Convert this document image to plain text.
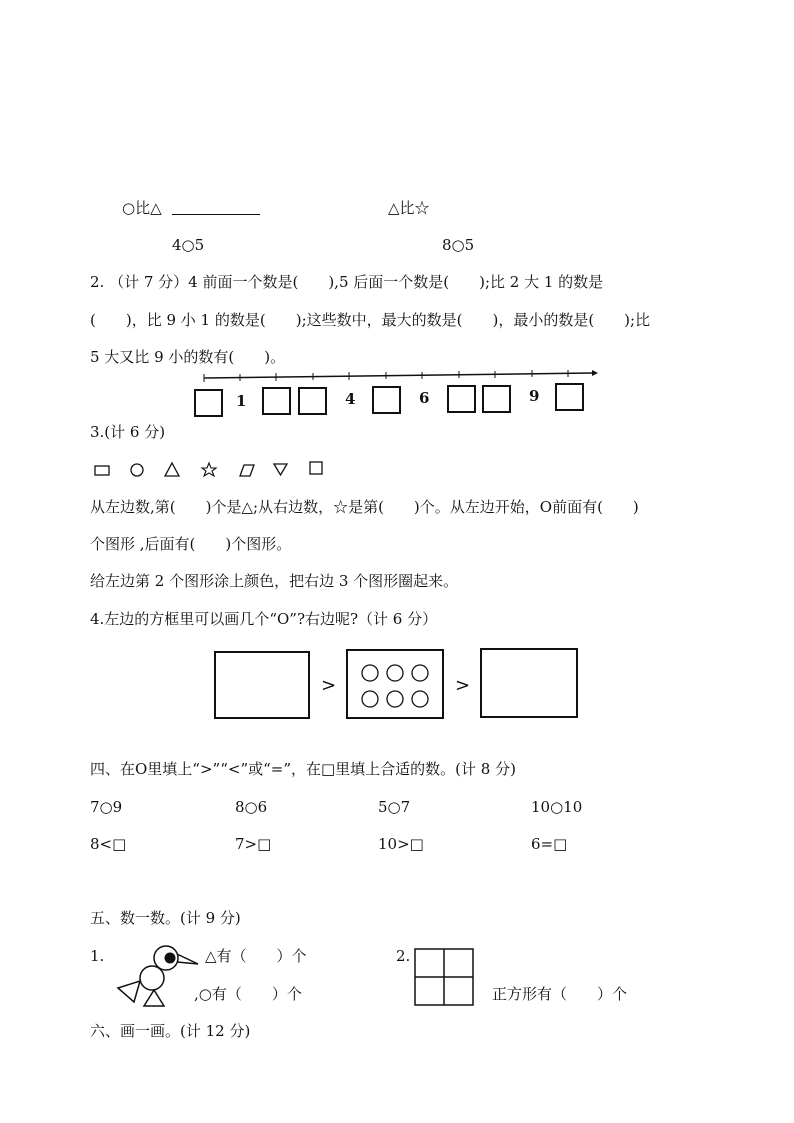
○比△	△比☆
4○5	8○5
2. （计 7 分）4 前面一个数是(　　),5 后面一个数是(　　);比 2 大 1 的数是
(　　)，比 9 小 1 的数是(　　);这些数中，最大的数是(　　)，最小的数是(　　);比
5 大又比 9 小的数有(　　)。
1	4	6	9
3.(计 6 分)
从左边数,第(　　)个是△;从右边数，☆是第(　　)个。从左边开始，O前面有(　　)
个图形 ,后面有(　　)个图形。
给左边第 2 个图形涂上颜色，把右边 3 个图形圈起来。
4.左边的方框里可以画几个“O”?右边呢?（计 6 分）
>	>
四、在O里填上“>”“<”或“=”，在□里填上合适的数。(计 8 分)
7○9	8○6	5○7	10○10
8<□	7>□	10>□	6=□
五、数一数。(计 9 分)
1.	△有（　　）个
,○有（　　）个
2.
正方形有（　　）个
六、画一画。(计 12 分)
